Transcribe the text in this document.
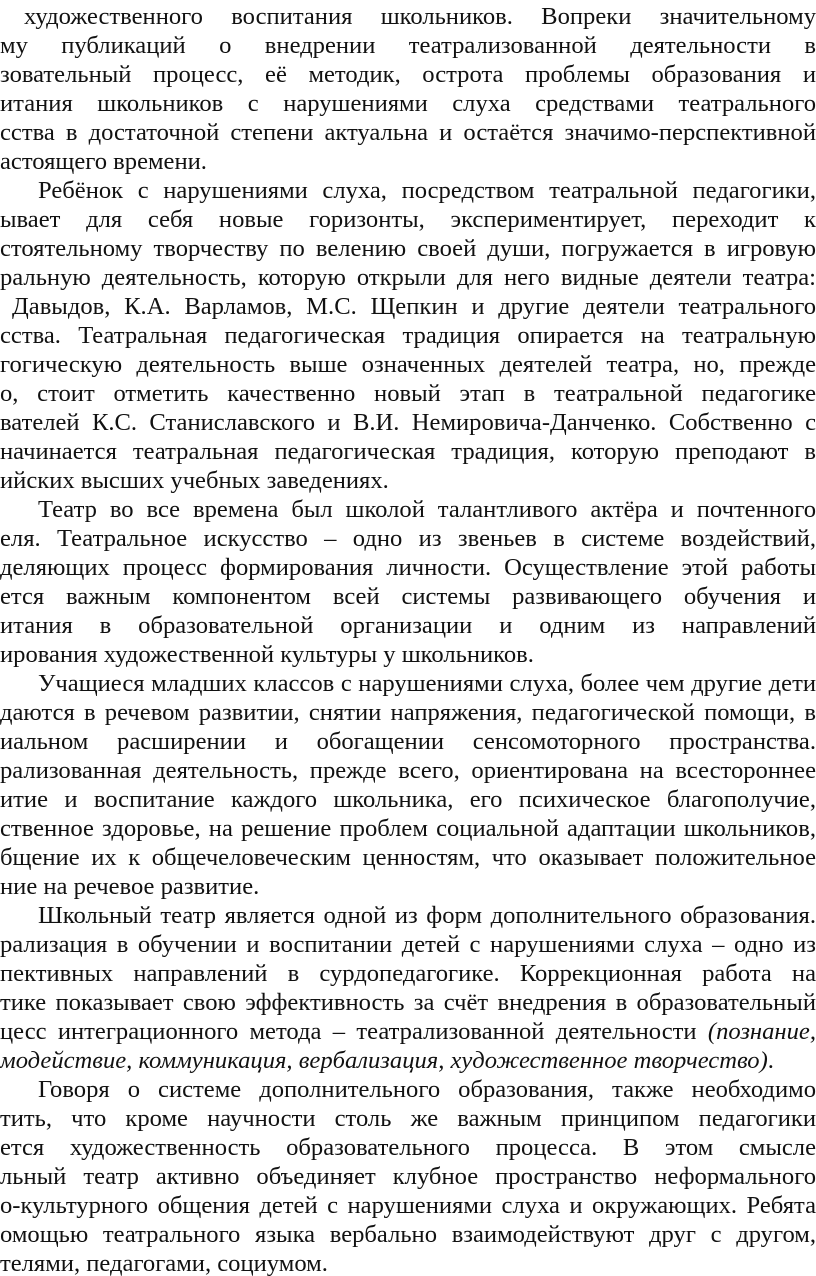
художественного воспитания школьников. Вопреки значительному
му публикаций о внедрении театрализованной деятельности в
зовательный процесс, её методик, острота проблемы образования и
итания школьников с нарушениями слуха средствами театрального
сства в достаточной степени актуальна и остаётся значимо-перспективной
астоящего времени.
Ребёнок с нарушениями слуха, посредством театральной педагогики,
ывает для себя новые горизонты, экспериментирует, переходит к
стоятельному творчеству по велению своей души, погружается в игровую
ральную деятельность, которую открыли для него видные деятели театра:
Давыдов, К.А. Варламов, М.С. Щепкин и другие деятели театрального
сства. Театральная педагогическая традиция опирается на театральную
гогическую деятельность выше означенных деятелей театра, но, прежде
о, стоит отметить качественно новый этап в театральной педагогике
вателей К.С. Станиславского и В.И. Немировича-Данченко. Собственно с
начинается театральная педагогическая традиция, которую преподают в
ийских высших учебных заведениях.
Театр во все времена был школой талантливого актёра и почтенного
еля. Театральное искусство – одно из звеньев в системе воздействий,
деляющих процесс формирования личности. Осуществление этой работы
ется важным компонентом всей системы развивающего обучения и
итания в образовательной организации и одним из направлений
ирования художественной культуры у школьников.
Учащиеся младших классов с нарушениями слуха, более чем другие дети
даются в речевом развитии, снятии напряжения, педагогической помощи, в
иальном расширении и обогащении сенсомоторного пространства.
рализованная деятельность, прежде всего, ориентирована на всестороннее
итие и воспитание каждого школьника, его психическое благополучие,
ственное здоровье, на решение проблем социальной адаптации школьников,
бщение их к общечеловеческим ценностям, что оказывает положительное
ние на речевое развитие.
Школьный театр является одной из форм дополнительного образования.
рализация в обучении и воспитании детей с нарушениями слуха – одно из
пективных направлений в сурдопедагогике. Коррекционная работа на
тике показывает свою эффективность за счёт внедрения в образовательный
цесс интеграционного метода – театрализованной деятельности (познание,
модействие, коммуникация, вербализация, художественное творчество).
Говоря о системе дополнительного образования, также необходимо
тить, что кроме научности столь же важным принципом педагогики
ется художественность образовательного процесса. В этом смысле
льный театр активно объединяет клубное пространство неформального
о-культурного общения детей с нарушениями слуха и окружающих. Ребята
омощью театрального языка вербально взаимодействуют друг с другом,
телями, педагогами, социумом.
